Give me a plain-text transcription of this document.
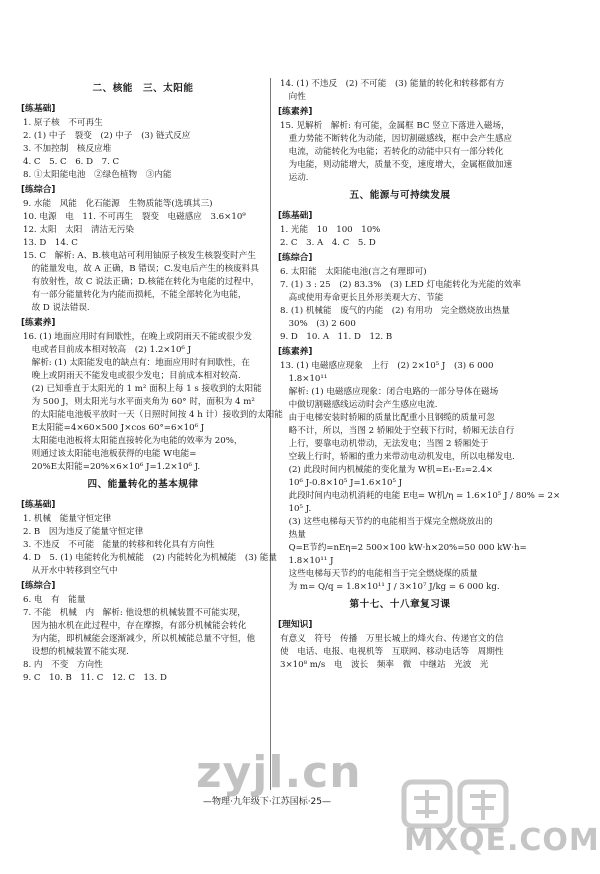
二、核能　三、太阳能
[练基础]
1. 原子核　不可再生
2. (1) 中子　裂变　(2) 中子　(3) 链式反应
3. 不加控制　核反应堆
4. C　5. C　6. D　7. C
8. ①太阳能电池　②绿色植物　③内能
[练综合]
9. 水能　风能　化石能源　生物质能等(选填其三)
10. 电源　电　11. 不可再生　裂变　电磁感应　3.6×10⁹
12. 太阳　太阳　清洁无污染
13. D　14. C
15. C　解析: A、B.核电站可利用铀原子核发生核裂变时产生
　的能量发电，故 A 正确，B 错误；C.发电后产生的核废料具
　有放射性，故 C 说法正确；D.核能在转化为电能的过程中，
　有一部分能量转化为内能而损耗，不能全部转化为电能，
　故 D 说法错误.
[练素养]
16. (1) 地面应用时有间歇性，在晚上或阴雨天不能或很少发
　电或者目前成本相对较高　(2) 1.2×10⁶ J
　解析: (1) 太阳能发电的缺点有：地面应用时有间歇性，在
　晚上或阴雨天不能发电或很少发电；目前成本相对较高.
　(2) 已知垂直于太阳光的 1 m² 面积上每 1 s 接收到的太阳能
　为 500 J，则太阳光与水平面夹角为 60° 时，面积为 4 m²
　的太阳能电池板平放时一天（日照时间按 4 h 计）接收到的太阳能
　E太阳能=4×60×500 J×cos 60°=6×10⁶ J
　太阳能电池板将太阳能直接转化为电能的效率为 20%，
　则通过该太阳能电池板获得的电能 W电能=
　20%E太阳能=20%×6×10⁶ J=1.2×10⁶ J.
四、能量转化的基本规律
[练基础]
1. 机械　能量守恒定律
2. B　因为违反了能量守恒定律
3. 不违反　不可能　能量的转移和转化具有方向性
4. D　5. (1) 电能转化为机械能　(2) 内能转化为机械能　(3) 能量
　从开水中转移到空气中
[练综合]
6. 电　有　能量
7. 不能　机械　内　解析: 他设想的机械装置不可能实现，
　因为抽水机在此过程中，存在摩擦，有部分机械能会转化
　为内能，即机械能会逐渐减少，所以机械能总量不守恒，他
　设想的机械装置不能实现.
8. 内　不变　方向性
9. C　10. B　11. C　12. C　13. D
14. (1) 不违反　(2) 不可能　(3) 能量的转化和转移都有方
　向性
[练素养]
15. 见解析　解析: 有可能，金属框 BC 竖立下落进入磁场，
　重力势能不断转化为动能，因切割磁感线，框中会产生感应
　电流，动能转化为电能；若转化的动能中只有一部分转化
　为电能，则动能增大，质量不变，速度增大，金属框做加速
　运动.
五、能源与可持续发展
[练基础]
1. 光能　10　100　10%
2. C　3. A　4. C　5. D
[练综合]
6. 太阳能　太阳能电池(言之有理即可)
7. (1) 3 : 25　(2) 83.3%　(3) LED 灯电能转化为光能的效率
　高或使用寿命更长且外形美观大方、节能
8. (1) 机械能　废气的内能　(2) 有用功　完全燃烧放出热量
　30%　(3) 2 600
9. D　10. A　11. D　12. B
[练素养]
13. (1) 电磁感应现象　上行　(2) 2×10⁵ J　(3) 6 000
　1.8×10¹¹
　解析: (1) 电磁感应现象：闭合电路的一部分导体在磁场
　中做切割磁感线运动时会产生感应电流.
　由于电梯安装时轿厢的质量比配重小且钢缆的质量可忽
　略不计，所以，当图 2 轿厢处于空载下行时，轿厢无法自行
　上行，要靠电动机带动，无法发电；当图 2 轿厢处于
　空载上行时，轿厢的重力来带动电动机发电，所以电梯发电.
　(2) 此段时间内机械能的变化量为 W机=E₁-E₂=2.4×
　10⁶ J-0.8×10⁵ J=1.6×10⁵ J
　此段时间内电动机消耗的电能 E电= W机/η = 1.6×10⁵ J / 80% = 2×
　10⁵ J.
　(3) 这些电梯每天节约的电能相当于煤完全燃烧放出的
　热量
　Q=E节约=nEη=2 500×100 kW·h×20%=50 000 kW·h=
　1.8×10¹¹ J
　这些电梯每天节约的电能相当于完全燃烧煤的质量
　为 m= Q/q = 1.8×10¹¹ J / 3×10⁷ J/kg = 6 000 kg.
第十七、十八章复习课
[理知识]
有意义　符号　传播　万里长城上的烽火台、传递官文的信
使　电话、电报、电视机等　互联网、移动电话等　周期性
3×10⁸ m/s　电　波长　频率　微　中继站　光波　光
zyjl.cn
—物理·九年级下·江苏国标·25—
MXQE.COM
